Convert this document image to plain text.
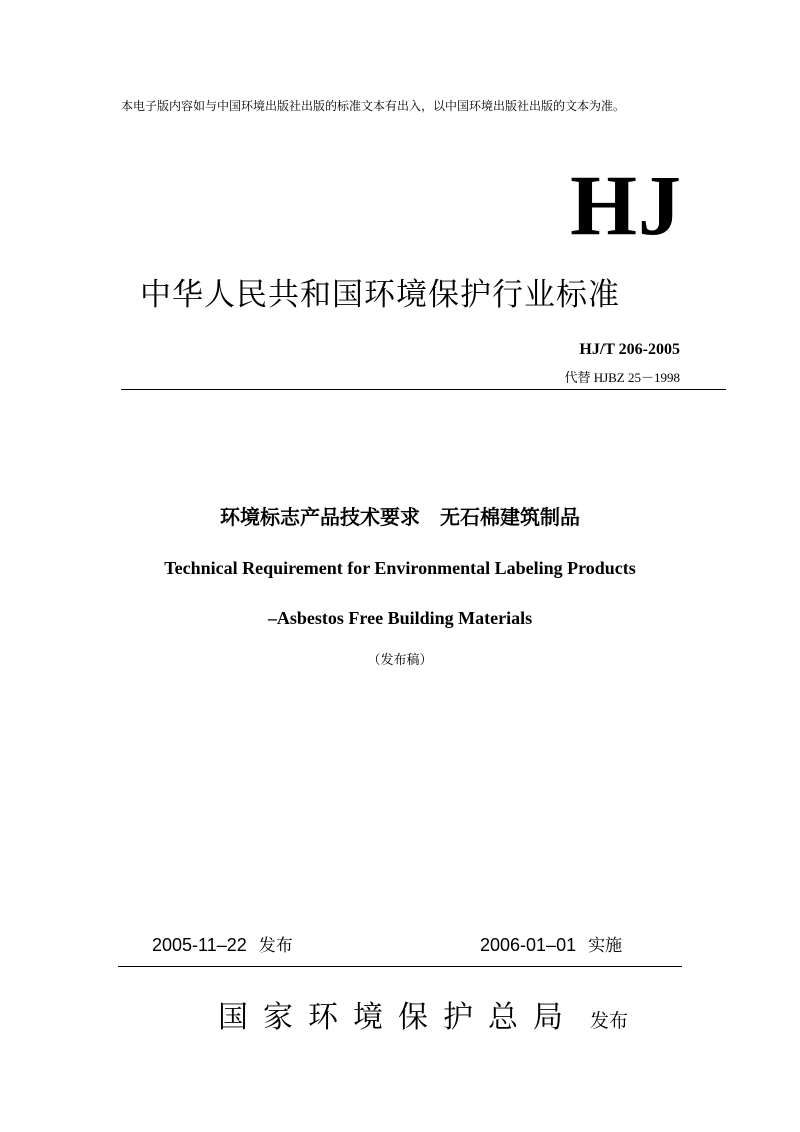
本电子版内容如与中国环境出版社出版的标准文本有出入，以中国环境出版社出版的文本为准。
HJ
中华人民共和国环境保护行业标准
HJ/T 206-2005
代替 HJBZ 25－1998
环境标志产品技术要求　无石棉建筑制品
Technical Requirement for Environmental Labeling Products
–Asbestos Free Building Materials
（发布稿）
2005-11–22 发布	2006-01–01 实施
国家环境保护总局 发布
